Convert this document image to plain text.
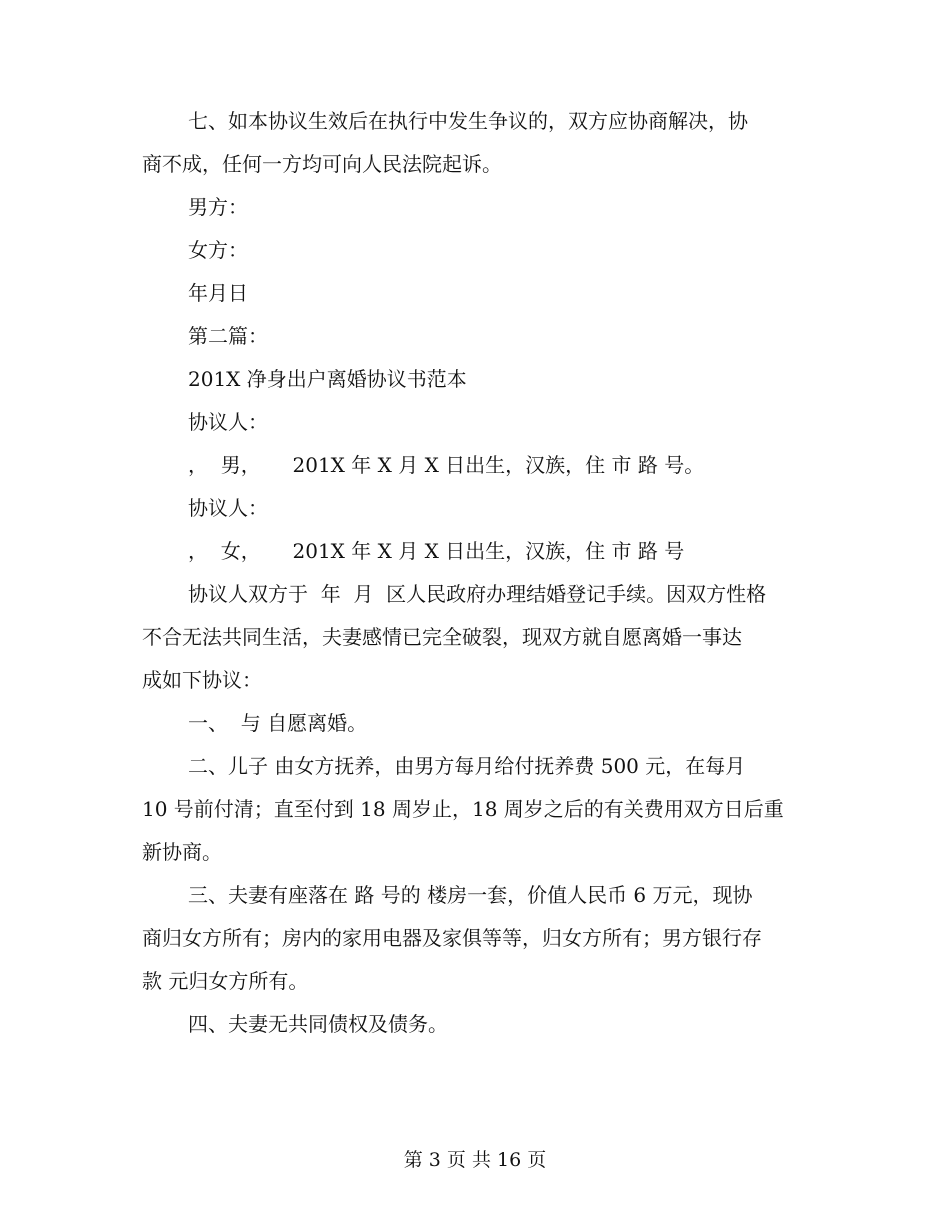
七、如本协议生效后在执行中发生争议的，双方应协商解决，协
商不成，任何一方均可向人民法院起诉。
男方：
女方：
年月日
第二篇：
201X 净身出户离婚协议书范本
协议人：
，  男，     201X 年 X 月 X 日出生，汉族，住 市 路 号。
协议人：
，  女，     201X 年 X 月 X 日出生，汉族，住 市 路 号
协议人双方于  年  月  区人民政府办理结婚登记手续。因双方性格
不合无法共同生活，夫妻感情已完全破裂，现双方就自愿离婚一事达
成如下协议：
一、  与 自愿离婚。
二、儿子 由女方抚养，由男方每月给付抚养费 500 元，在每月
10 号前付清；直至付到 18 周岁止，18 周岁之后的有关费用双方日后重
新协商。
三、夫妻有座落在 路 号的 楼房一套，价值人民币 6 万元，现协
商归女方所有；房内的家用电器及家俱等等，归女方所有；男方银行存
款 元归女方所有。
四、夫妻无共同债权及债务。
第 3 页 共 16 页
